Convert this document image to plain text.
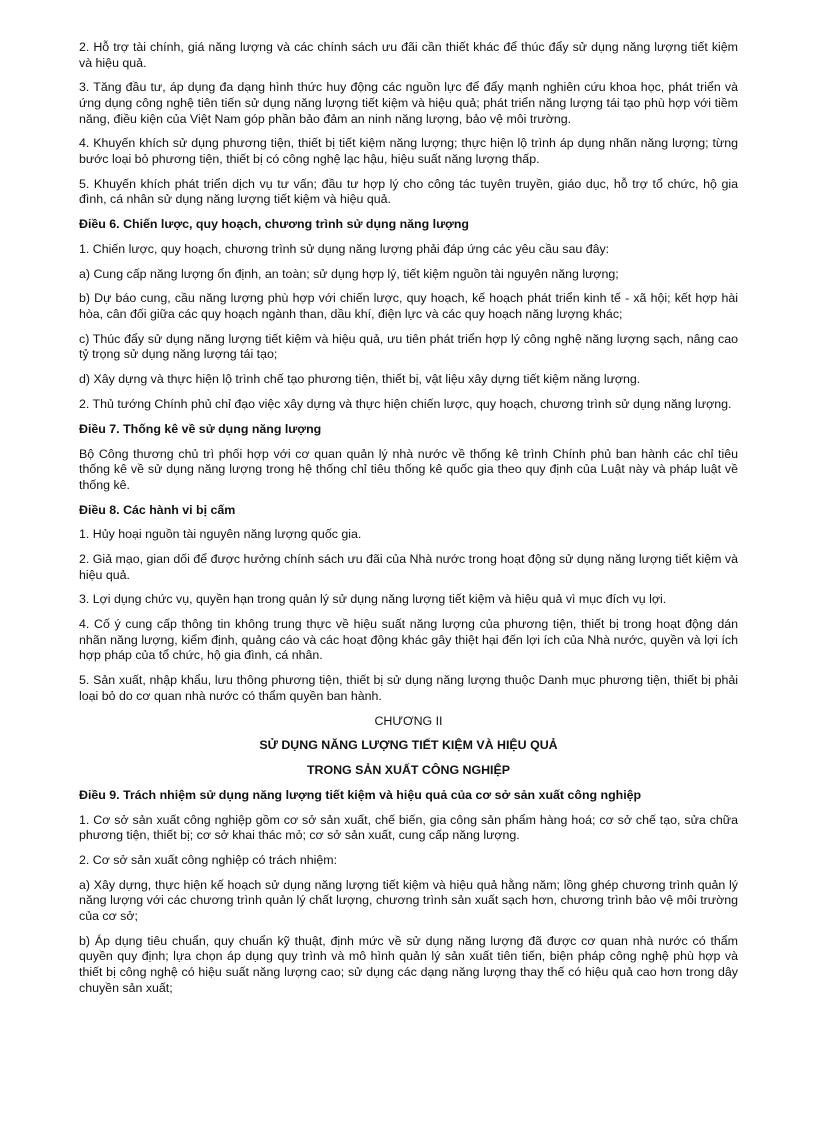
2. Hỗ trợ tài chính, giá năng lượng và các chính sách ưu đãi cần thiết khác để thúc đẩy sử dụng năng lượng tiết kiệm và hiệu quả.

3. Tăng đầu tư, áp dụng đa dạng hình thức huy động các nguồn lực để đẩy mạnh nghiên cứu khoa học, phát triển và ứng dụng công nghệ tiên tiến sử dụng năng lượng tiết kiệm và hiệu quả; phát triển năng lượng tái tạo phù hợp với tiềm năng, điều kiện của Việt Nam góp phần bảo đảm an ninh năng lượng, bảo vệ môi trường.

4. Khuyến khích sử dụng phương tiện, thiết bị tiết kiệm năng lượng; thực hiện lộ trình áp dụng nhãn năng lượng; từng bước loại bỏ phương tiện, thiết bị có công nghệ lạc hậu, hiệu suất năng lượng thấp.

5. Khuyến khích phát triển dịch vụ tư vấn; đầu tư hợp lý cho công tác tuyên truyền, giáo dục, hỗ trợ tổ chức, hộ gia đình, cá nhân sử dụng năng lượng tiết kiệm và hiệu quả.

Điều 6. Chiến lược, quy hoạch, chương trình sử dụng năng lượng

1. Chiến lược, quy hoạch, chương trình sử dụng năng lượng phải đáp ứng các yêu cầu sau đây:

a) Cung cấp năng lượng ổn định, an toàn; sử dụng hợp lý, tiết kiệm nguồn tài nguyên năng lượng;

b) Dự báo cung, cầu năng lượng phù hợp với chiến lược, quy hoạch, kế hoạch phát triển kinh tế - xã hội; kết hợp hài hòa, cân đối giữa các quy hoạch ngành than, dầu khí, điện lực và các quy hoạch năng lượng khác;

c) Thúc đẩy sử dụng năng lượng tiết kiệm và hiệu quả, ưu tiên phát triển hợp lý công nghệ năng lượng sạch, nâng cao tỷ trọng sử dụng năng lượng tái tạo;

d) Xây dựng và thực hiện lộ trình chế tạo phương tiện, thiết bị, vật liệu xây dựng tiết kiệm năng lượng.

2. Thủ tướng Chính phủ chỉ đạo việc xây dựng và thực hiện chiến lược, quy hoạch, chương trình sử dụng năng lượng.

Điều 7. Thống kê về sử dụng năng lượng

Bộ Công thương chủ trì phối hợp với cơ quan quản lý nhà nước về thống kê trình Chính phủ ban hành các chỉ tiêu thống kê về sử dụng năng lượng trong hệ thống chỉ tiêu thống kê quốc gia theo quy định của Luật này và pháp luật về thống kê.

Điều 8. Các hành vi bị cấm

1. Hủy hoại nguồn tài nguyên năng lượng quốc gia.

2. Giả mạo, gian dối để được hưởng chính sách ưu đãi của Nhà nước trong hoạt động sử dụng năng lượng tiết kiệm và hiệu quả.

3. Lợi dụng chức vụ, quyền hạn trong quản lý sử dụng năng lượng tiết kiệm và hiệu quả vì mục đích vụ lợi.

4. Cố ý cung cấp thông tin không trung thực về hiệu suất năng lượng của phương tiện, thiết bị trong hoạt động dán nhãn năng lượng, kiểm định, quảng cáo và các hoạt động khác gây thiệt hại đến lợi ích của Nhà nước, quyền và lợi ích hợp pháp của tổ chức, hộ gia đình, cá nhân.

5. Sản xuất, nhập khẩu, lưu thông phương tiện, thiết bị sử dụng năng lượng thuộc Danh mục phương tiện, thiết bị phải loại bỏ do cơ quan nhà nước có thẩm quyền ban hành.

CHƯƠNG II

SỬ DỤNG NĂNG LƯỢNG TIẾT KIỆM VÀ HIỆU QUẢ

TRONG SẢN XUẤT CÔNG NGHIỆP

Điều 9. Trách nhiệm sử dụng năng lượng tiết kiệm và hiệu quả của cơ sở sản xuất công nghiệp

1. Cơ sở sản xuất công nghiệp gồm cơ sở sản xuất, chế biến, gia công sản phẩm hàng hoá; cơ sở chế tạo, sửa chữa phương tiện, thiết bị; cơ sở khai thác mỏ; cơ sở sản xuất, cung cấp năng lượng.

2. Cơ sở sản xuất công nghiệp có trách nhiệm:

a) Xây dựng, thực hiện kế hoạch sử dụng năng lượng tiết kiệm và hiệu quả hằng năm; lồng ghép chương trình quản lý năng lượng với các chương trình quản lý chất lượng, chương trình sản xuất sạch hơn, chương trình bảo vệ môi trường của cơ sở;

b) Áp dụng tiêu chuẩn, quy chuẩn kỹ thuật, định mức về sử dụng năng lượng đã được cơ quan nhà nước có thẩm quyền quy định; lựa chọn áp dụng quy trình và mô hình quản lý sản xuất tiên tiến, biện pháp công nghệ phù hợp và thiết bị công nghệ có hiệu suất năng lượng cao; sử dụng các dạng năng lượng thay thế có hiệu quả cao hơn trong dây chuyền sản xuất;
